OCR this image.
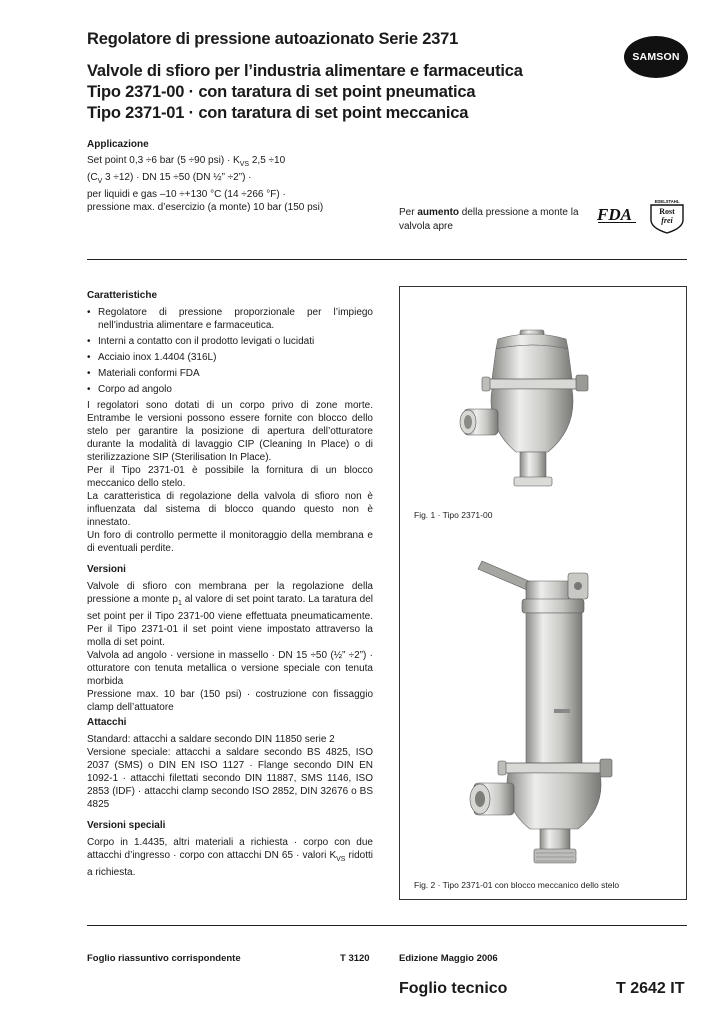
Regolatore di pressione autoazionato Serie 2371
Valvole di sfioro per l’industria alimentare e farmaceutica
Tipo 2371-00 · con taratura di set point pneumatica
Tipo 2371-01 · con taratura di set point meccanica
SAMSON
Applicazione
Set point 0,3 ÷6 bar (5 ÷90 $psi) \cdot K_{VS}$ 2,5 ÷10
($C_V$ 3 ÷12) · DN 15 ÷50 (DN ½” ÷2”) ·
per liquidi e gas –10 ÷+130 °C (14 ÷266 °F) ·
pressione max. d’esercizio (a monte) 10 bar (150 psi)	Per aumento della pressione a monte la valvola apre
FDA
EDELSTAHL
Rost
frei
Caratteristiche
• Regolatore di pressione proporzionale per l’impiego nell’industria alimentare e farmaceutica.
• Interni a contatto con il prodotto levigati o lucidati
• Acciaio inox 1.4404 (316L)
• Materiali conformi FDA
• Corpo ad angolo

I regolatori sono dotati di un corpo privo di zone morte. Entrambe le versioni possono essere fornite con blocco dello stelo per garantire la posizione di apertura dell’otturatore durante la modalità di lavaggio CIP (Cleaning In Place) o di sterilizzazione SIP (Sterilisation In Place).

Per il Tipo 2371-01 è possibile la fornitura di un blocco meccanico dello stelo.

La caratteristica di regolazione della valvola di sfioro non è influenzata dal sistema di blocco quando questo non è innestato.

Un foro di controllo permette il monitoraggio della membrana e di eventuali perdite.

Versioni

Valvole di sfioro con membrana per la regolazione della pressione a monte $p_1$ al valore di set point tarato. La taratura del set point per il Tipo 2371-00 viene effettuata pneumaticamente. Per il Tipo 2371-01 il set point viene impostato attraverso la molla di set point.

Valvola ad angolo · versione in massello · DN 15 ÷50 (½” ÷2”) · otturatore con tenuta metallica o versione speciale con tenuta morbida

Pressione max. 10 bar (150 psi) · costruzione con fissaggio clamp dell’attuatore

Attacchi

Standard: attacchi a saldare secondo DIN 11850 serie 2

Versione speciale: attacchi a saldare secondo BS 4825, ISO 2037 (SMS) o DIN EN ISO 1127 · Flange secondo DIN EN 1092-1 · attacchi filettati secondo DIN 11887, SMS 1146, ISO 2853 (IDF) · attacchi clamp secondo ISO 2852, DIN 32676 o BS 4825

Versioni speciali

Corpo in 1.4435, altri materiali a richiesta · corpo con due attacchi d’ingresso · corpo con attacchi DN 65 · valori $K_{VS}$ ridotti a richiesta.

Fig. 1 · Tipo 2371-00
Fig. 2 · Tipo 2371-01 con blocco meccanico dello stelo
Foglio riassuntivo corrispondente	T 3120	Edizione Maggio 2006
Foglio tecnico	T 2642 IT
